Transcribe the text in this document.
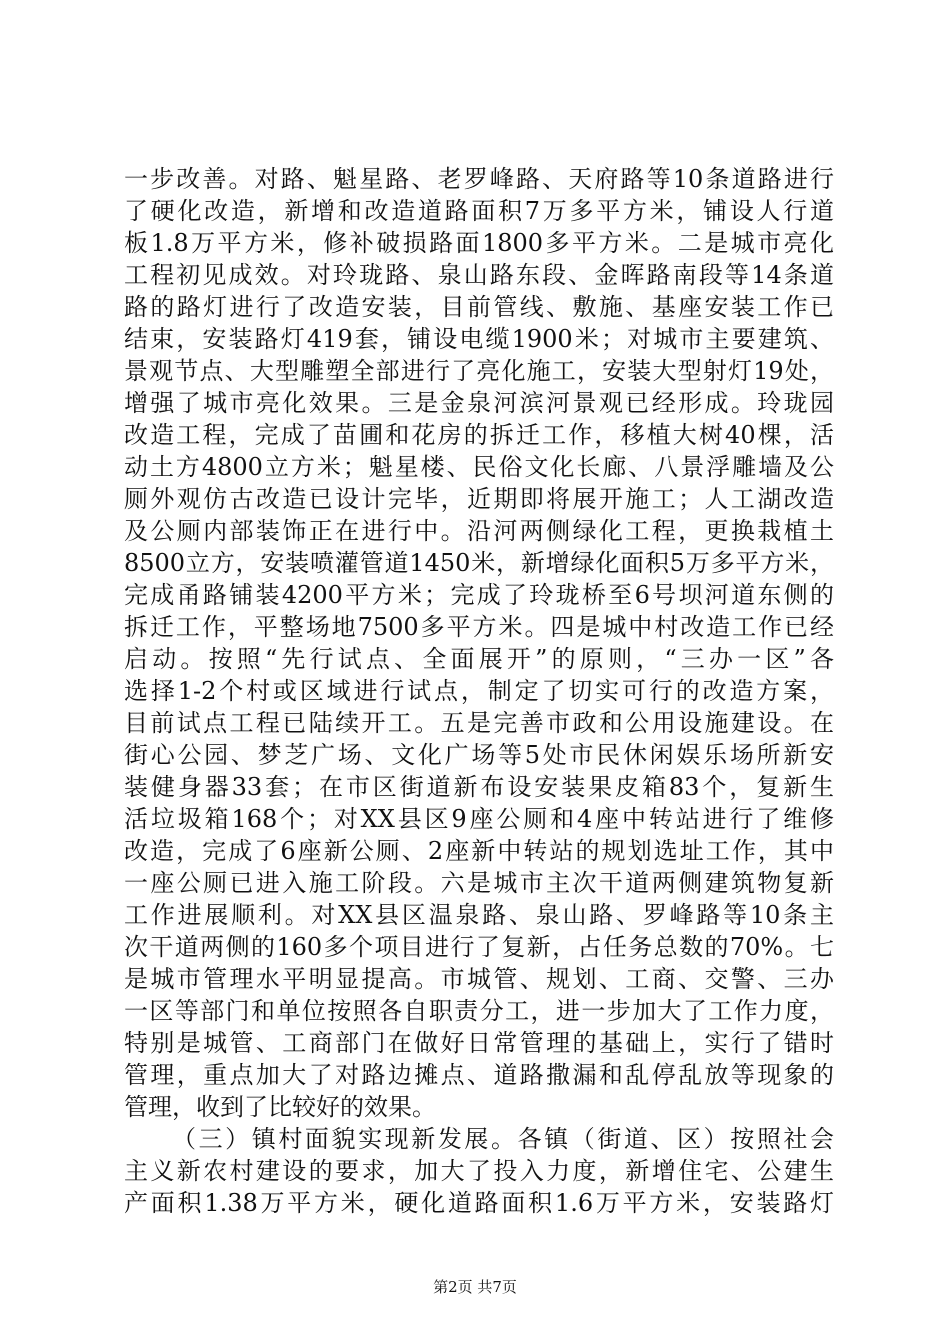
一步改善。对路、魁星路、老罗峰路、天府路等10条道路进行
了硬化改造，新增和改造道路面积7万多平方米，铺设人行道
板1.8万平方米，修补破损路面1800多平方米。二是城市亮化
工程初见成效。对玲珑路、泉山路东段、金晖路南段等14条道
路的路灯进行了改造安装，目前管线、敷施、基座安装工作已
结束，安装路灯419套，铺设电缆1900米；对城市主要建筑、
景观节点、大型雕塑全部进行了亮化施工，安装大型射灯19处，
增强了城市亮化效果。三是金泉河滨河景观已经形成。玲珑园
改造工程，完成了苗圃和花房的拆迁工作，移植大树40棵，活
动土方4800立方米；魁星楼、民俗文化长廊、八景浮雕墙及公
厕外观仿古改造已设计完毕，近期即将展开施工；人工湖改造
及公厕内部装饰正在进行中。沿河两侧绿化工程，更换栽植土
8500立方，安装喷灌管道1450米，新增绿化面积5万多平方米，
完成甬路铺装4200平方米；完成了玲珑桥至6号坝河道东侧的
拆迁工作，平整场地7500多平方米。四是城中村改造工作已经
启动。按照“先行试点、全面展开”的原则，“三办一区”各
选择1-2个村或区域进行试点，制定了切实可行的改造方案，
目前试点工程已陆续开工。五是完善市政和公用设施建设。在
街心公园、梦芝广场、文化广场等5处市民休闲娱乐场所新安
装健身器33套；在市区街道新布设安装果皮箱83个，复新生
活垃圾箱168个；对XX县区9座公厕和4座中转站进行了维修
改造，完成了6座新公厕、2座新中转站的规划选址工作，其中
一座公厕已进入施工阶段。六是城市主次干道两侧建筑物复新
工作进展顺利。对XX县区温泉路、泉山路、罗峰路等10条主
次干道两侧的160多个项目进行了复新，占任务总数的70%。七
是城市管理水平明显提高。市城管、规划、工商、交警、三办
一区等部门和单位按照各自职责分工，进一步加大了工作力度，
特别是城管、工商部门在做好日常管理的基础上，实行了错时
管理，重点加大了对路边摊点、道路撒漏和乱停乱放等现象的
管理，收到了比较好的效果。
（三）镇村面貌实现新发展。各镇（街道、区）按照社会
主义新农村建设的要求，加大了投入力度，新增住宅、公建生
产面积1.38万平方米，硬化道路面积1.6万平方米，安装路灯
第2页 共7页
